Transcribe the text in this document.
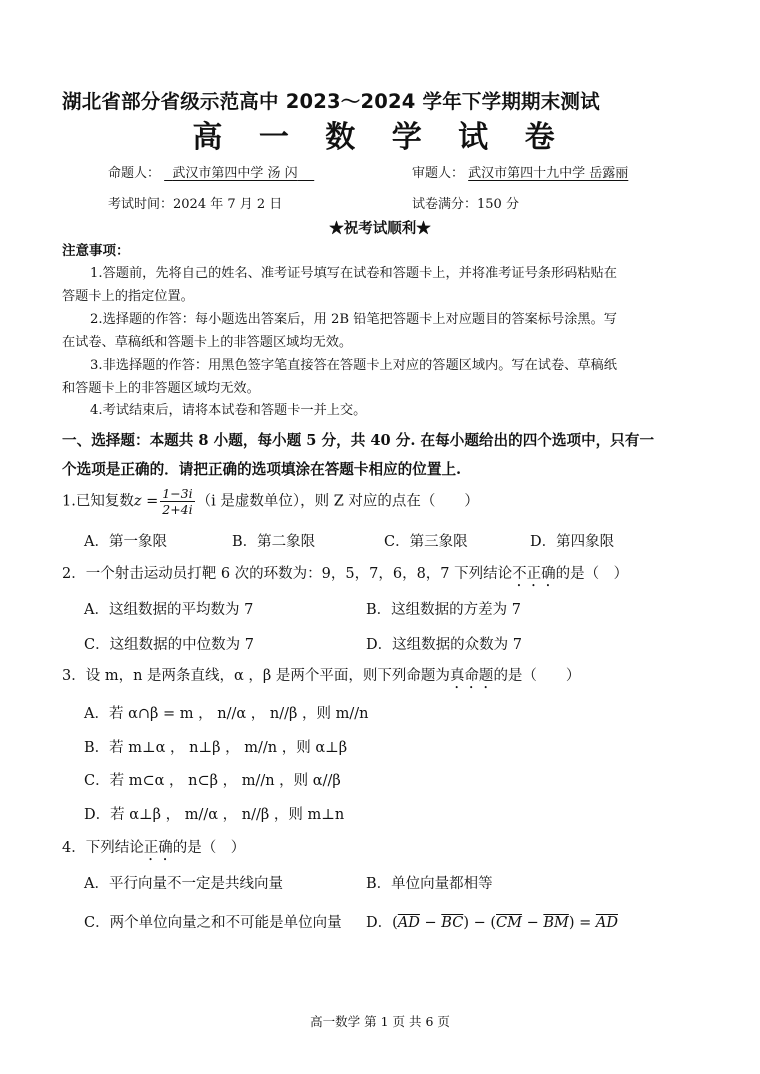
湖北省部分省级示范高中 2023～2024 学年下学期期末测试
高 一 数 学 试 卷
命题人： 武汉市第四中学 汤 闪	审题人： 武汉市第四十九中学 岳露丽
考试时间：2024 年 7 月 2 日	试卷满分：150 分
★祝考试顺利★
注意事项：
1.答题前，先将自己的姓名、准考证号填写在试卷和答题卡上，并将准考证号条形码粘贴在
答题卡上的指定位置。
2.选择题的作答：每小题选出答案后，用 2B 铅笔把答题卡上对应题目的答案标号涂黑。写
在试卷、草稿纸和答题卡上的非答题区域均无效。
3.非选择题的作答：用黑色签字笔直接答在答题卡上对应的答题区域内。写在试卷、草稿纸
和答题卡上的非答题区域均无效。
4.考试结束后，请将本试卷和答题卡一并上交。
一、选择题：本题共 8 小题，每小题 5 分，共 40 分. 在每小题给出的四个选项中，只有一
个选项是正确的．请把正确的选项填涂在答题卡相应的位置上.
1.已知复数$z = \frac{1-3i}{2+4i} (i$ 是虚数单位），则 Z 对应的点在（　　）
A．第一象限	B．第二象限	C．第三象限	D．第四象限
2．一个射击运动员打靶 6 次的环数为：9，5，7，6，8，7 下列结论不正确的是（　）
A．这组数据的平均数为 7	B．这组数据的方差为 7
C．这组数据的中位数为 7	D．这组数据的众数为 7
3．设 m，n 是两条直线，α ，β 是两个平面，则下列命题为真命题的是（　　）
A．若 α∩β = m ， n//α ， n//β ，则 m//n
B．若 m⊥α ， n⊥β ， m//n ，则 α⊥β
C．若 m⊂α ， n⊂β ， m//n ，则 α//β
D．若 α⊥β ， m//α ， n//β ，则 m⊥n
4．下列结论正确的是（　）
A．平行向量不一定是共线向量	B．单位向量都相等
C．两个单位向量之和不可能是单位向量 D．$(\overline{AD} - \overline{BC}) - (\overline{CM} - \overline{BM}) = \overline{AD}$
高一数学 第 1 页 共 6 页
